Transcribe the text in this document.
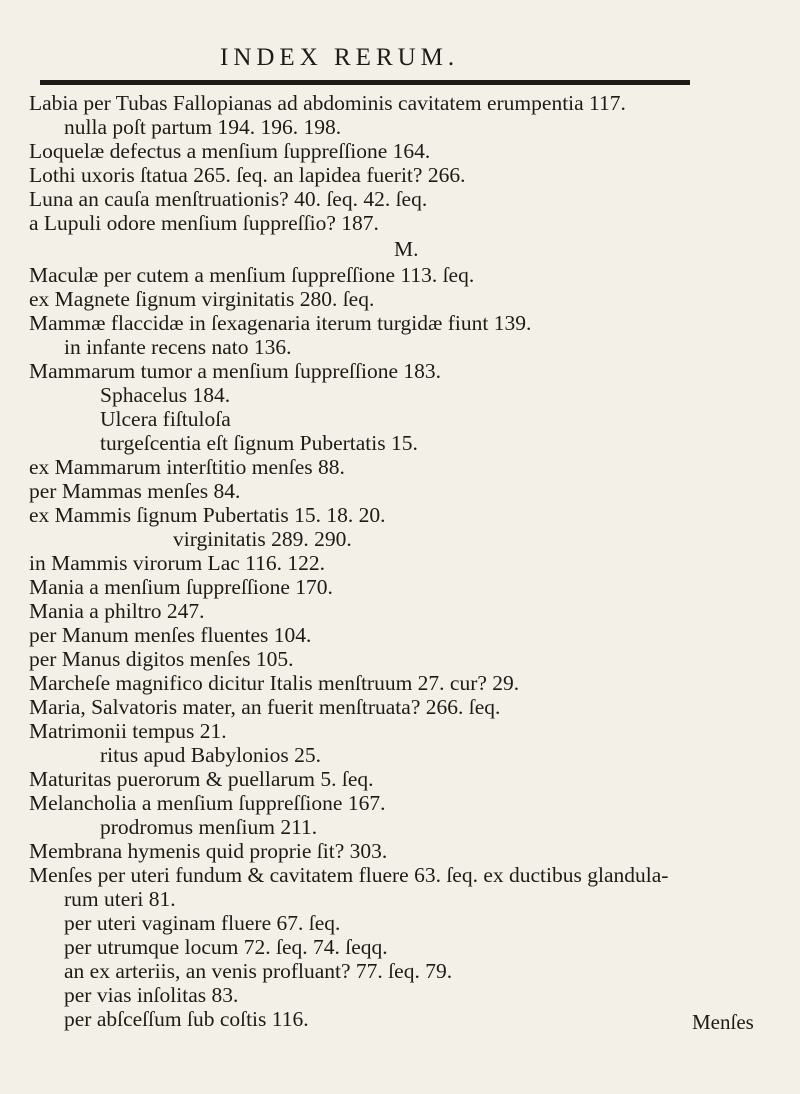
INDEX RERUM.
Labia per Tubas Fallopianas ad abdominis cavitatem erumpentia 117.
nulla poſt partum 194. 196. 198.
Loquelæ defectus a menſium ſuppreſſione 164.
Lothi uxoris ſtatua 265. ſeq. an lapidea fuerit? 266.
Luna an cauſa menſtruationis? 40. ſeq. 42. ſeq.
a Lupuli odore menſium ſuppreſſio? 187.
M.
Maculæ per cutem a menſium ſuppreſſione 113. ſeq.
ex Magnete ſignum virginitatis 280. ſeq.
Mammæ flaccidæ in ſexagenaria iterum turgidæ fiunt 139.
in infante recens nato 136.
Mammarum tumor a menſium ſuppreſſione 183.
Sphacelus 184.
Ulcera fiſtuloſa
turgeſcentia eſt ſignum Pubertatis 15.
ex Mammarum interſtitio menſes 88.
per Mammas menſes 84.
ex Mammis ſignum Pubertatis 15. 18. 20.
virginitatis 289. 290.
in Mammis virorum Lac 116. 122.
Mania a menſium ſuppreſſione 170.
Mania a philtro 247.
per Manum menſes fluentes 104.
per Manus digitos menſes 105.
Marcheſe magnifico dicitur Italis menſtruum 27. cur? 29.
Maria, Salvatoris mater, an fuerit menſtruata? 266. ſeq.
Matrimonii tempus 21.
ritus apud Babylonios 25.
Maturitas puerorum & puellarum 5. ſeq.
Melancholia a menſium ſuppreſſione 167.
prodromus menſium 211.
Membrana hymenis quid proprie ſit? 303.
Menſes per uteri fundum & cavitatem fluere 63. ſeq. ex ductibus glandula-
rum uteri 81.
per uteri vaginam fluere 67. ſeq.
per utrumque locum 72. ſeq. 74. ſeqq.
an ex arteriis, an venis profluant? 77. ſeq. 79.
per vias inſolitas 83.
per abſceſſum ſub coſtis 116.	Menſes
